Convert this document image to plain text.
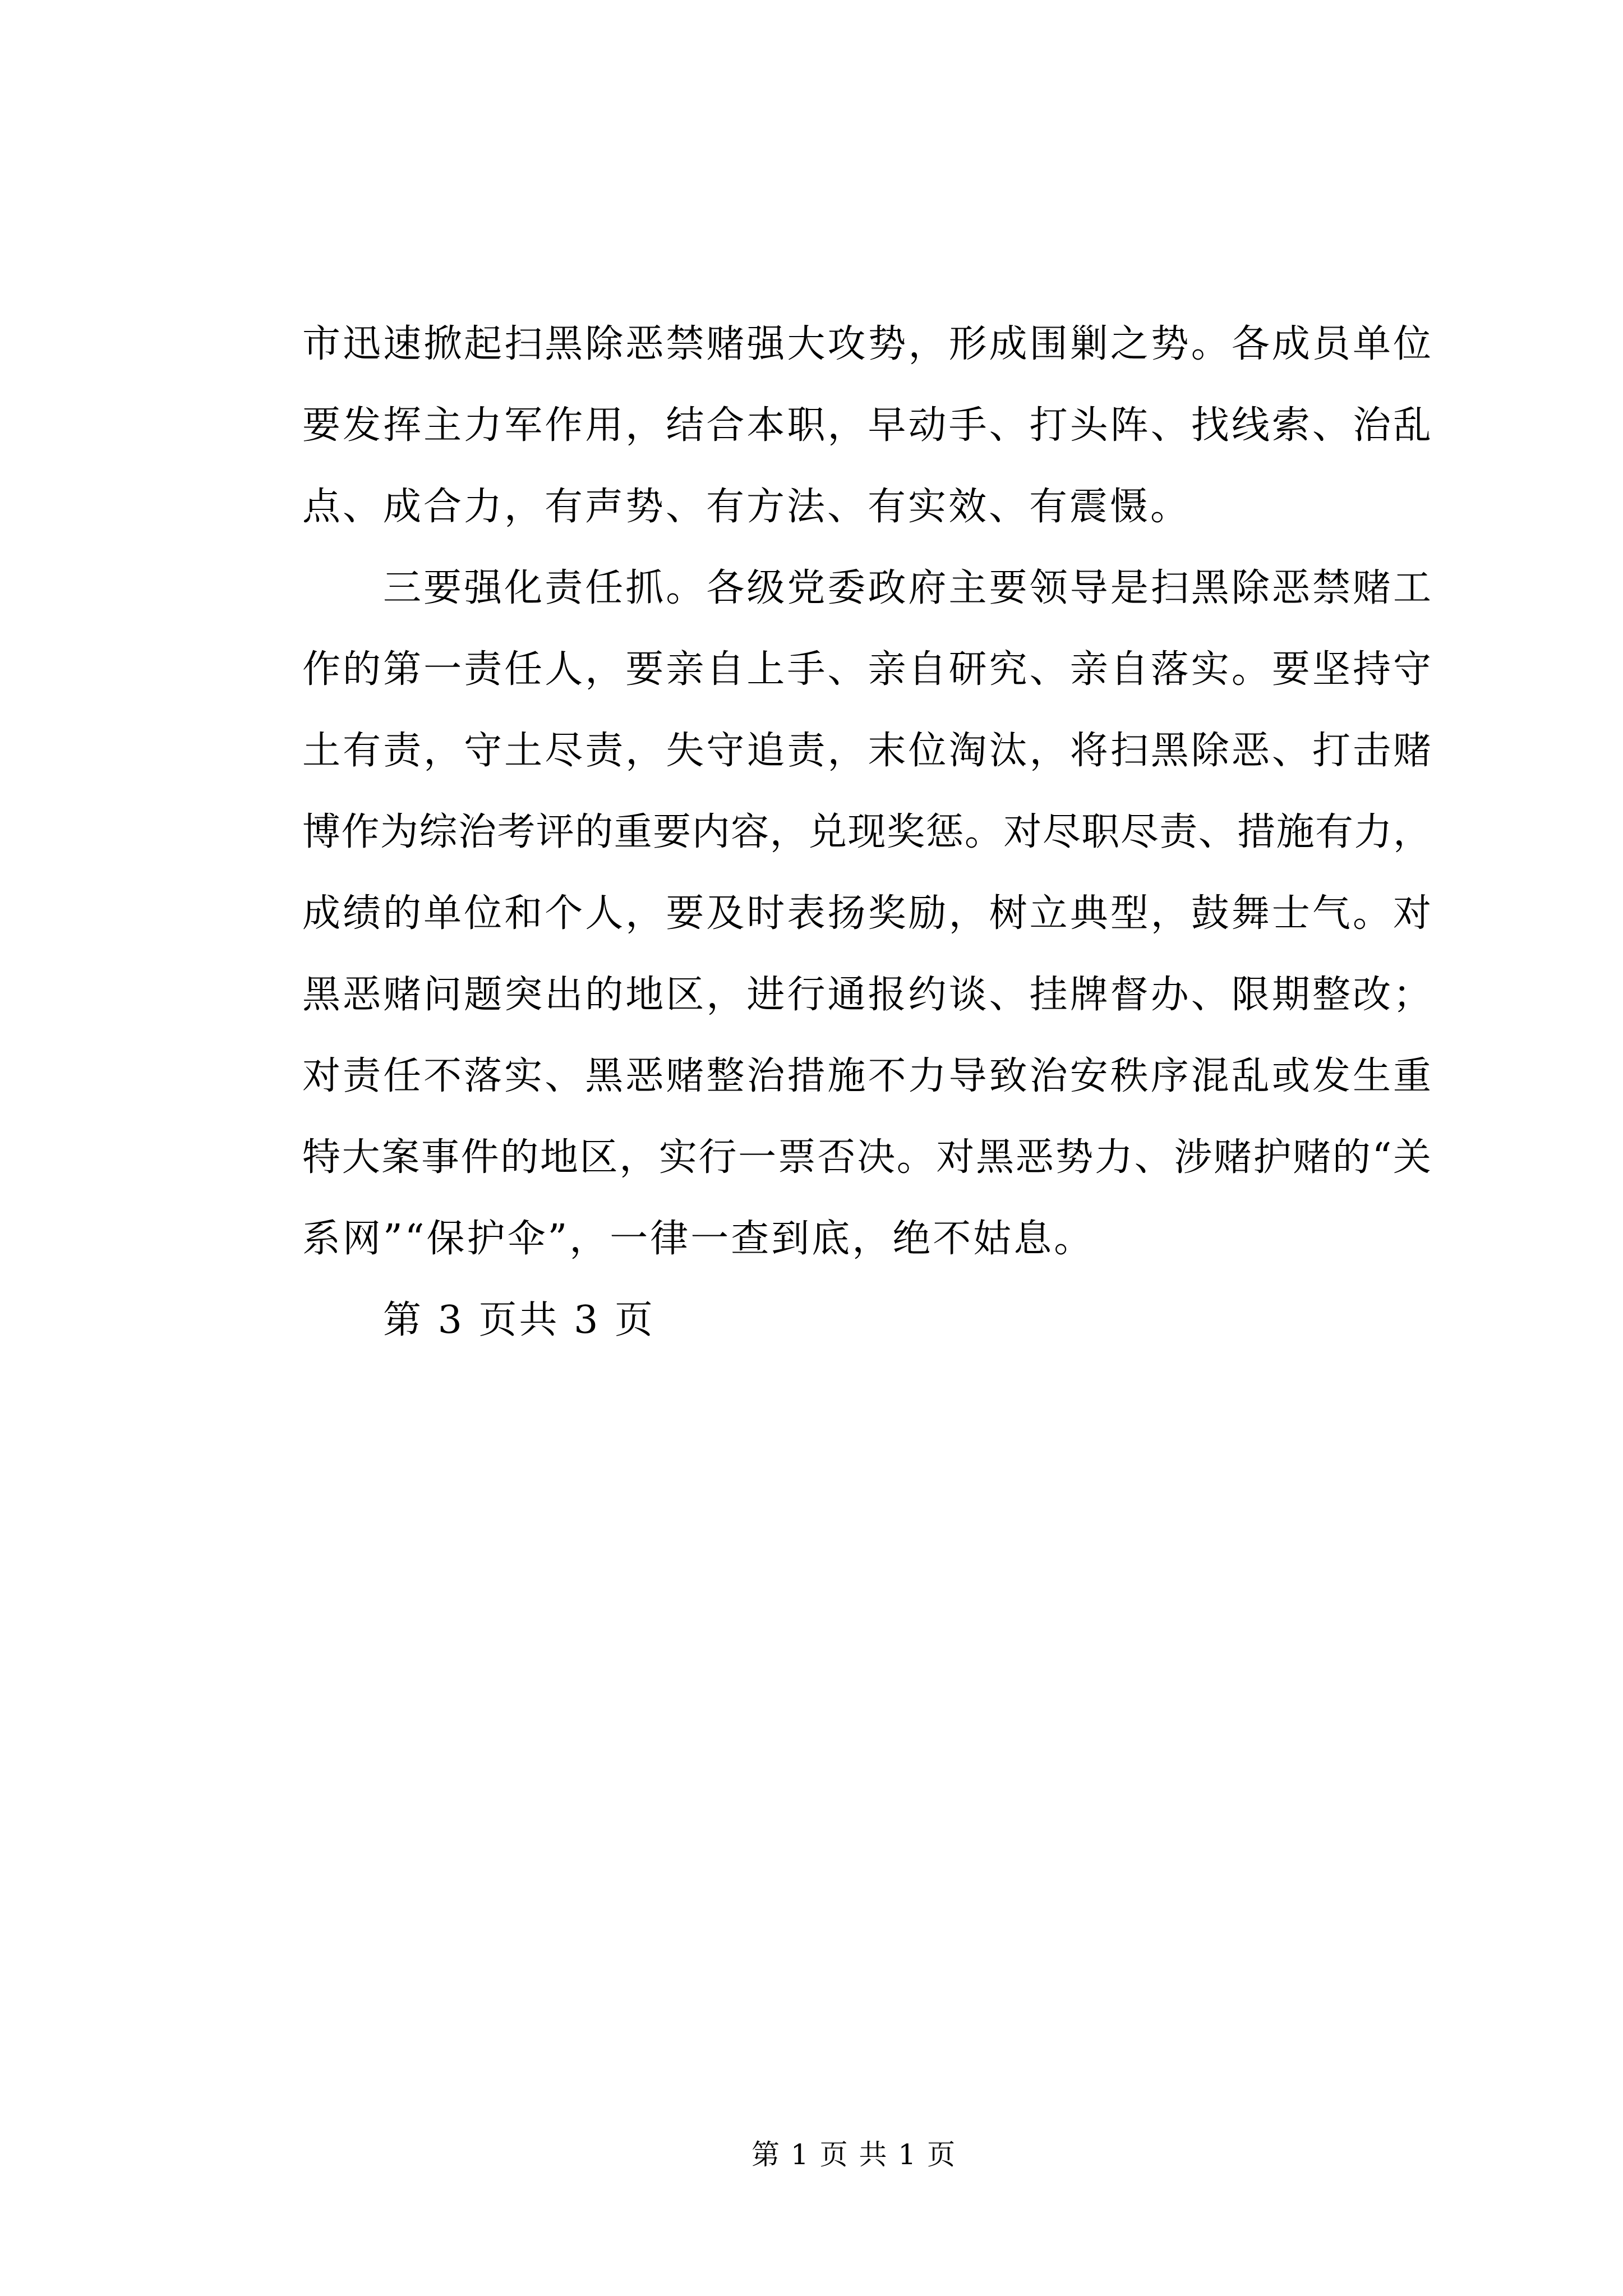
市迅速掀起扫黑除恶禁赌强大攻势，形成围剿之势。各成员单位
要发挥主力军作用，结合本职，早动手、打头阵、找线索、治乱
点、成合力，有声势、有方法、有实效、有震慑。
三要强化责任抓。各级党委政府主要领导是扫黑除恶禁赌工
作的第一责任人，要亲自上手、亲自研究、亲自落实。要坚持守
土有责，守土尽责，失守追责，末位淘汰，将扫黑除恶、打击赌
博作为综治考评的重要内容，兑现奖惩。对尽职尽责、措施有力，
成绩的单位和个人，要及时表扬奖励，树立典型，鼓舞士气。对
黑恶赌问题突出的地区，进行通报约谈、挂牌督办、限期整改；
对责任不落实、黑恶赌整治措施不力导致治安秩序混乱或发生重
特大案事件的地区，实行一票否决。对黑恶势力、涉赌护赌的“关
系网”“保护伞”，一律一查到底，绝不姑息。
第 3 页共 3 页
第 1 页 共 1 页
